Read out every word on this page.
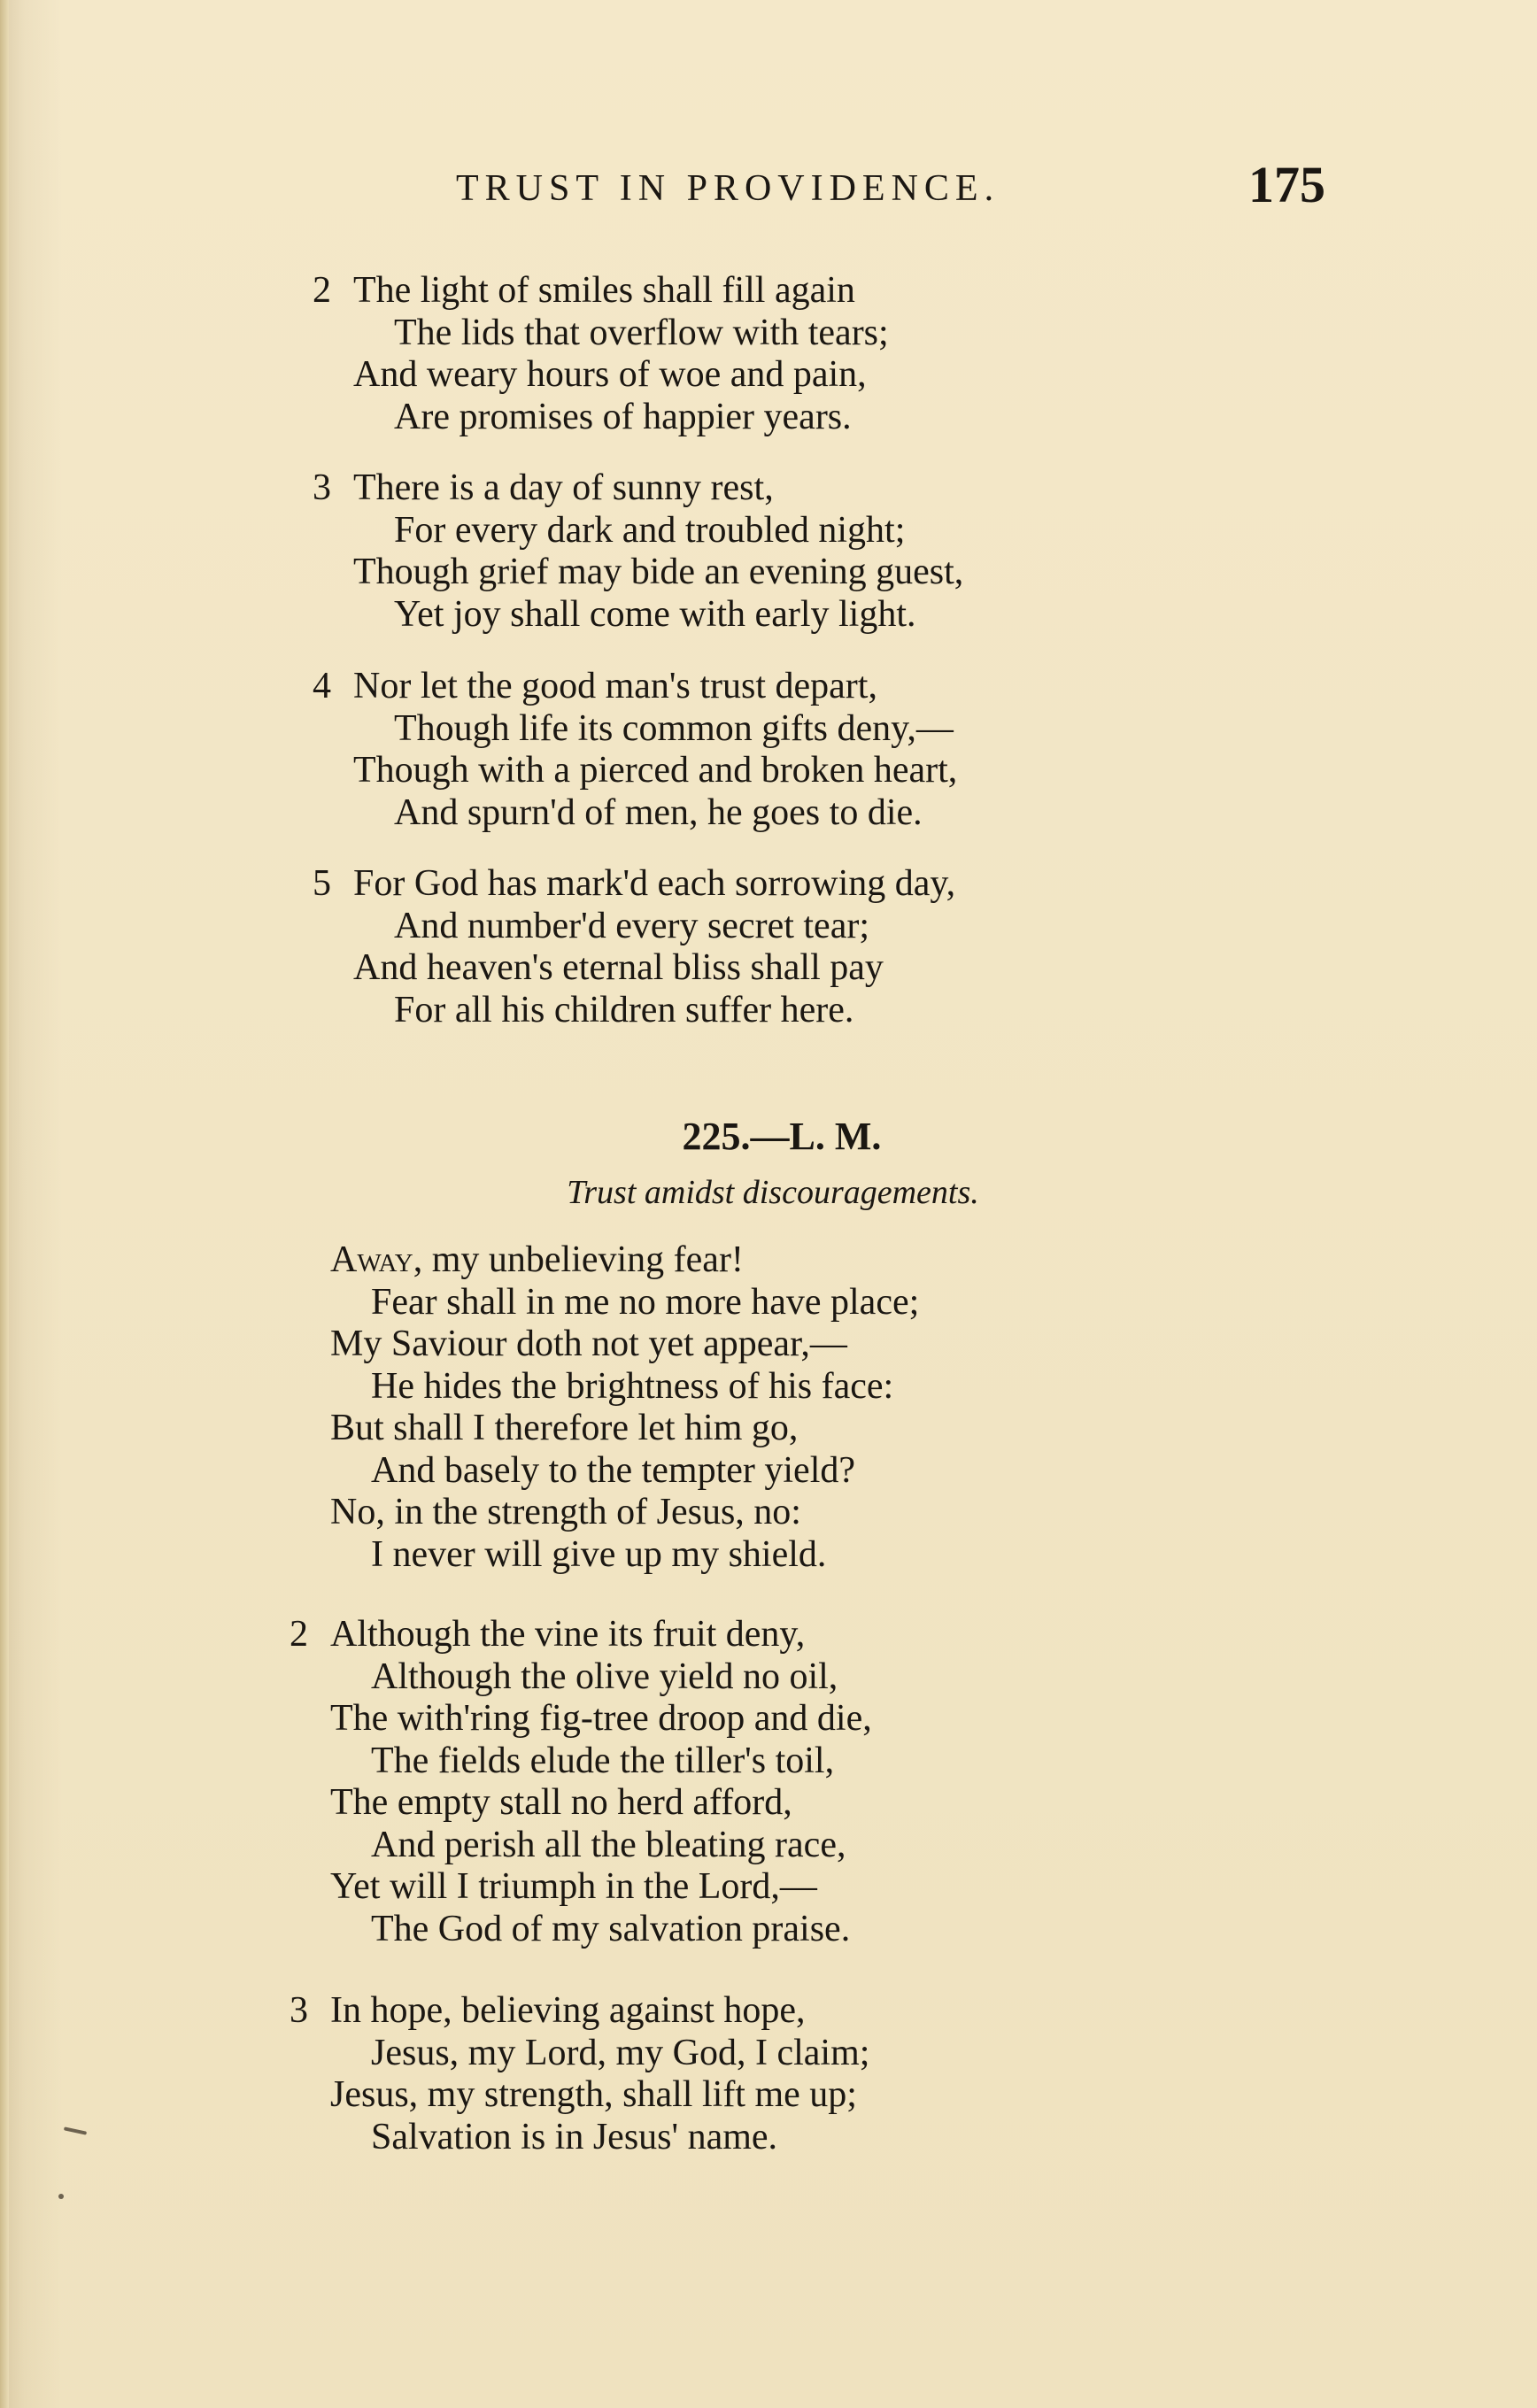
TRUST IN PROVIDENCE.	175
2 The light of smiles shall fill again
The lids that overflow with tears;
And weary hours of woe and pain,
Are promises of happier years.
3 There is a day of sunny rest,
For every dark and troubled night;
Though grief may bide an evening guest,
Yet joy shall come with early light.
4 Nor let the good man's trust depart,
Though life its common gifts deny,—
Though with a pierced and broken heart,
And spurn'd of men, he goes to die.
5 For God has mark'd each sorrowing day,
And number'd every secret tear;
And heaven's eternal bliss shall pay
For all his children suffer here.
225.—L. M.
Trust amidst discouragements.
Away, my unbelieving fear!
Fear shall in me no more have place;
My Saviour doth not yet appear,—
He hides the brightness of his face:
But shall I therefore let him go,
And basely to the tempter yield?
No, in the strength of Jesus, no:
I never will give up my shield.
2 Although the vine its fruit deny,
Although the olive yield no oil,
The with'ring fig-tree droop and die,
The fields elude the tiller's toil,
The empty stall no herd afford,
And perish all the bleating race,
Yet will I triumph in the Lord,—
The God of my salvation praise.
3 In hope, believing against hope,
Jesus, my Lord, my God, I claim;
Jesus, my strength, shall lift me up;
Salvation is in Jesus' name.
